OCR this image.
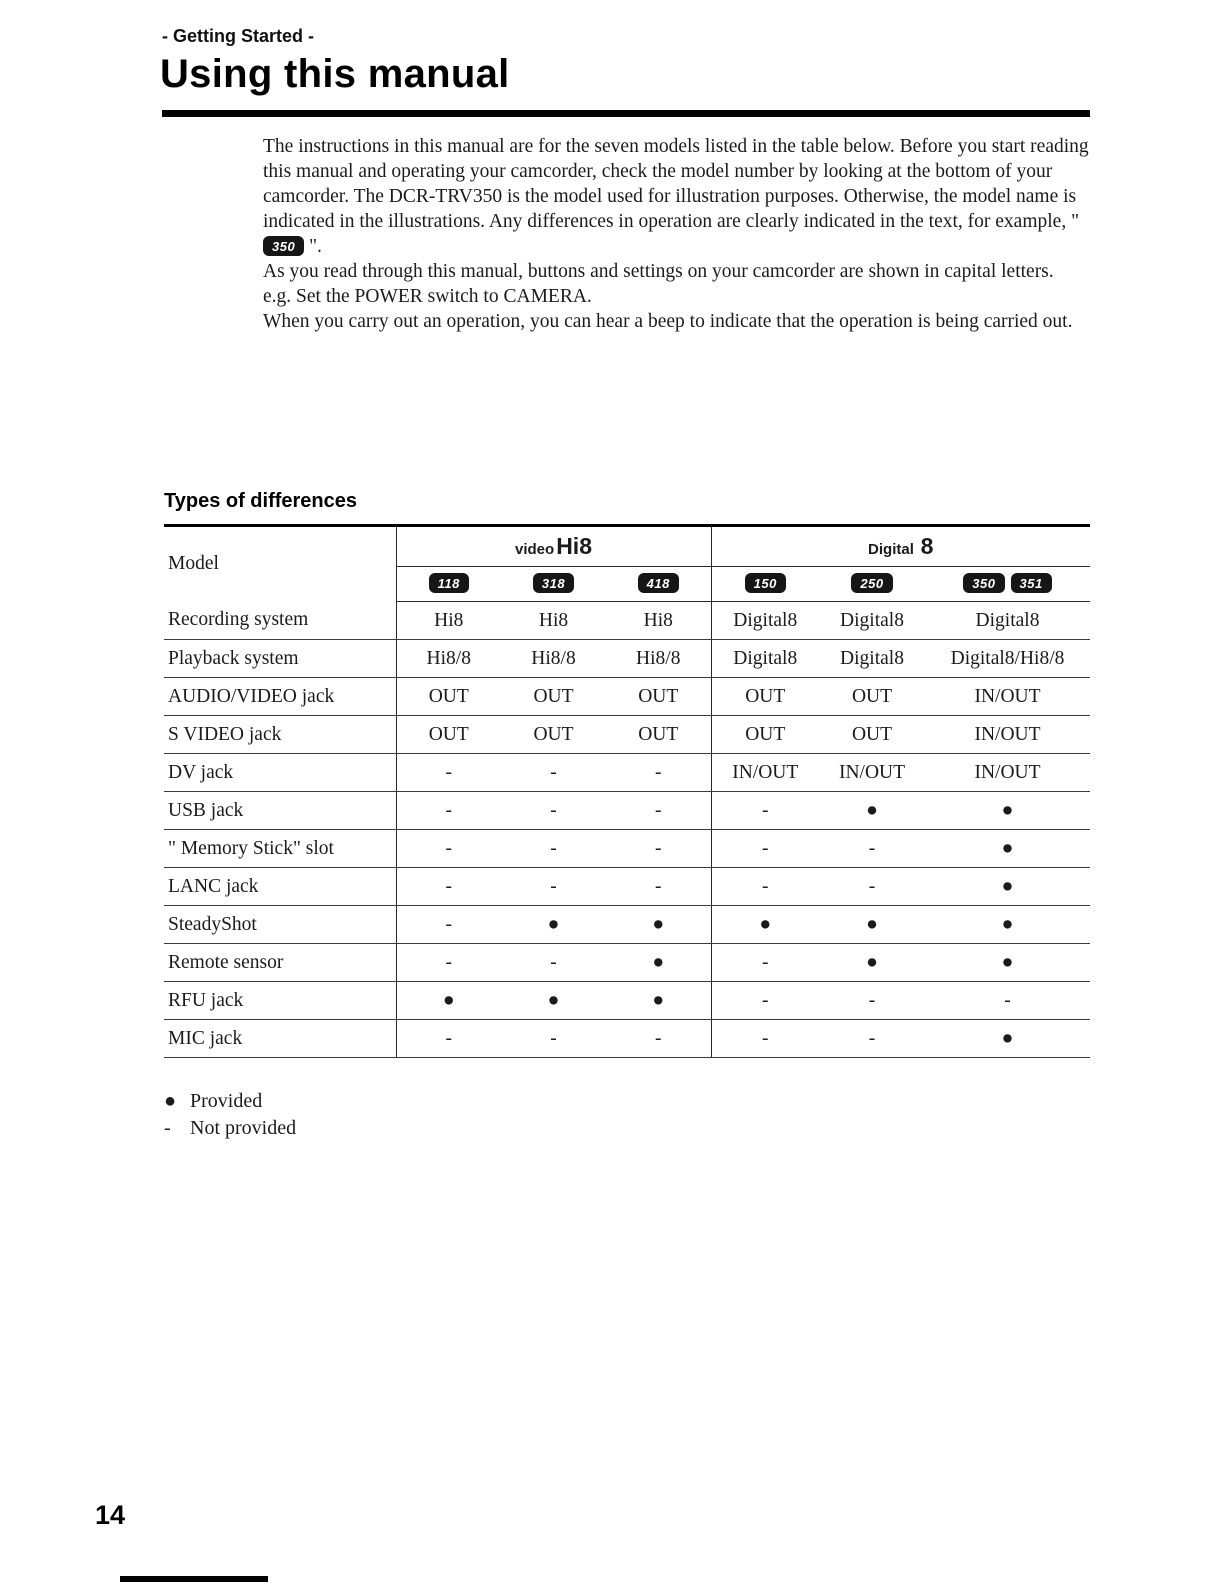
- Getting Started -
Using this manual

The instructions in this manual are for the seven models listed in the table below. Before you start reading this manual and operating your camcorder, check the model number by looking at the bottom of your camcorder. The DCR-TRV350 is the model used for illustration purposes. Otherwise, the model name is indicated in the illustrations. Any differences in operation are clearly indicated in the text, for example, " 350 ".

As you read through this manual, buttons and settings on your camcorder are shown in capital letters.

e.g. Set the POWER switch to CAMERA.

When you carry out an operation, you can hear a beep to indicate that the operation is being carried out.

Types of differences
Model	videoHi8			Digital 8		
	118	318	418	150	250	350 351
Recording system	Hi8	Hi8	Hi8	Digital8	Digital8	Digital8
Playback system	Hi8/8	Hi8/8	Hi8/8	Digital8	Digital8	Digital8/Hi8/8
AUDIO/VIDEO jack	OUT	OUT	OUT	OUT	OUT	IN/OUT
S VIDEO jack	OUT	OUT	OUT	OUT	OUT	IN/OUT
DV jack	-	-	-	IN/OUT	IN/OUT	IN/OUT
USB jack	-	-	-	-	●	●
" Memory Stick" slot	-	-	-	-	-	●
LANC jack	-	-	-	-	-	●
SteadyShot	-	●	●	●	●	●
Remote sensor	-	-	●	-	●	●
RFU jack	●	●	●	-	-	-
MIC jack	-	-	-	-	-	●
● Provided
- Not provided
14
